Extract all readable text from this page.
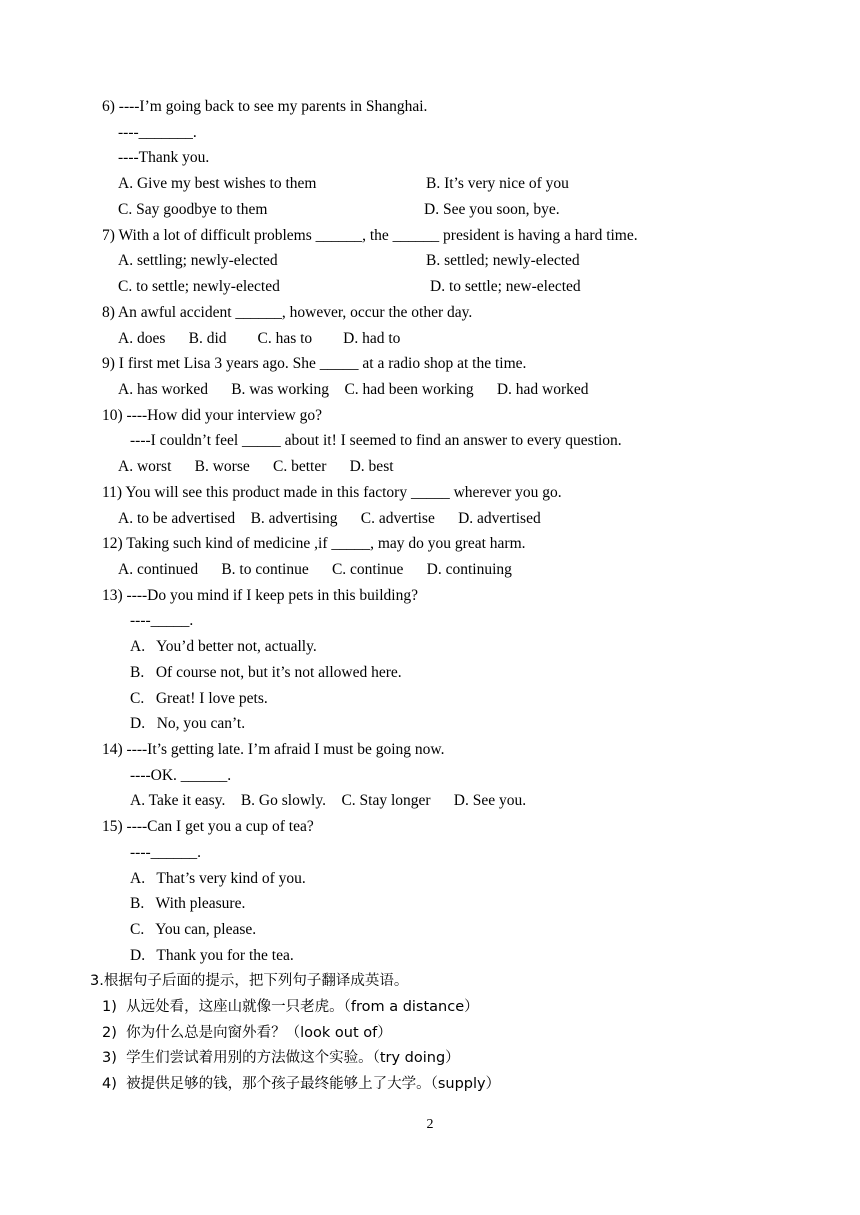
6) ----I’m going back to see my parents in Shanghai.
----_______.
----Thank you.
A. Give my best wishes to them	B. It’s very nice of you
C. Say goodbye to them	D. See you soon, bye.
7) With a lot of difficult problems ______, the ______ president is having a hard time.
A. settling; newly-elected	B. settled; newly-elected
C. to settle; newly-elected	D. to settle; new-elected
8) An awful accident ______, however, occur the other day.
A. does      B. did        C. has to        D. had to
9) I first met Lisa 3 years ago. She _____ at a radio shop at the time.
A. has worked      B. was working    C. had been working      D. had worked
10) ----How did your interview go?
----I couldn’t feel _____ about it! I seemed to find an answer to every question.
A. worst      B. worse      C. better      D. best
11) You will see this product made in this factory _____ wherever you go.
A. to be advertised    B. advertising      C. advertise      D. advertised
12) Taking such kind of medicine ,if _____, may do you great harm.
A. continued      B. to continue      C. continue      D. continuing
13) ----Do you mind if I keep pets in this building?
----_____.
A.   You’d better not, actually.
B.   Of course not, but it’s not allowed here.
C.   Great! I love pets.
D.   No, you can’t.
14) ----It’s getting late. I’m afraid I must be going now.
----OK. ______.
A. Take it easy.    B. Go slowly.    C. Stay longer      D. See you.
15) ----Can I get you a cup of tea?
----______.
A.   That’s very kind of you.
B.   With pleasure.
C.   You can, please.
D.   Thank you for the tea.
3.根据句子后面的提示，把下列句子翻译成英语。
1)  从远处看，这座山就像一只老虎。（from a distance）
2)  你为什么总是向窗外看？（look out of）
3)  学生们尝试着用别的方法做这个实验。（try doing）
4)  被提供足够的钱，那个孩子最终能够上了大学。（supply）
2
